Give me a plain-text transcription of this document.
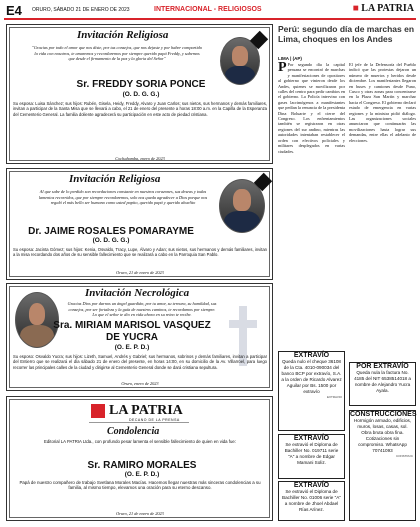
E4 ORURO, SÁBADO 21 DE ENERO DE 2023	INTERNACIONAL - RELIGIOSOS	■ LA PATRIA
Invitación Religiosa
"Gracias por todo el amor que nos diste, por tus consejos, que nos dejaste y por haber compartido la vida con nosotros, te amaremos y recordaremos por siempre querido papá Freddy, y sabemos que desde el firmamento de la paz y la gloria del Señor"
Sr. FREDDY SORIA PONCE
(O. D. G. G.)
Su esposa: Luisa Sánchez; sus hijos: Rubén, Gisela, Heidy, Freddy, Alvaro y Juan Carlos; sus nietos, sus hermanos y demás familiares, invitan a participar de la Santa Misa que se llevará a cabo, el 21 de enero del presente a horas 18:00 a.m. en la Capilla de la Esperanza del Cementerio General. La familia doliente agradecerá su participación en este acto de piedad cristiana.
Cochabamba, enero de 2023
Invitación Religiosa
Al que sabe de lo perdido son recordaciones constante en nuestros corazones, sus deseas y todas lamentos recorridos, que por siempre recordaremos, solo nos queda agradecer a Dios porque nos regaló el más bello ser humano como usted papito, querido papá y querido abuelito
Dr. JAIME ROSALES POMARAYME
(O. D. G. G.)
Su esposa: Jacinta Gómez; sus hijos: Kenia, Osvaldo, Tracy, Lupe, Álvaro y Adan; sus nietos, sus hermanos y demás familiares, invitan a la misa recordando dos años de su sensible fallecimiento que se realizará a cabo en la Parroquia San Pablo.
Oruro, 21 de enero de 2023
Invitación Necrológica
Gracias Dios por darnos un ángel guardián, por tu amor, su ternura, su humildad, sus consejos, por ser fortaleza y la guía de nuestros caminos, te recordamos por siempre. Lo que el señor te dio en vida ahora en su reino te recibe.
Sra. MIRIAM MARISOL VASQUEZ DE YUCRA
(O. E. P. D.)
Su esposo: Osvaldo Yucra; sus hijos: Lizeth, Samuel, Andrés y Gabriel; sus hermanos, sobrinos y demás familiares, invitan a participar del Entierro que se realizará el día sábado 21 de enero del presente, en horas 14:00, en su domicilio de la Av. Villarroel, para luego recorrer las principales calles de la ciudad y dirigirse al Cementerio General donde se dará cristiana sepultura.
Oruro, enero de 2023
LA PATRIA
DECANO DE LA PRENSA
Condolencia
Editorial LA PATRIA Ltda., con profundo pesar lamenta el sensible fallecimiento de quien en vida fue:
Sr. RAMIRO MORALES
(O. E. P. D.)
Papá de nuestro compañero de trabajo Svetlana Morales Macías. Hacemos llegar nuestras más sinceras condolencias a su familia, al mismo tiempo, elevamos una oración para su eterno descanso.
Oruro, 21 de enero de 2023
Perú: segundo día de marchas en Lima, choques en los Andes
LIMA | (AP)
P Por segundo día la capital peruana se encontró de marchas y manifestaciones de opositores al gobierno que vinieron desde los Andes, quienes se movilizaron por calles del centro para pedir cambios en el gobierno. La Policía intervino con gases lacrimógenos a manifestantes que pedían la renuncia de la presidenta Dina Boluarte y el cierre del Congreso. Los enfrentamientos también se registraron en otras regiones del sur andino, mientras las autoridades intentaban restablecer el orden con efectivos policiales y militares desplegados en varias ciudades.
El jefe de la Defensoría del Pueblo indicó que las protestas dejaron un número de muertos y heridos desde diciembre. Los manifestantes llegaron en buses y camiones desde Puno, Cusco y otras zonas para concentrarse en la Plaza San Martín y marchar hacia el Congreso. El gobierno declaró estado de emergencia en varias regiones y la ministra pidió diálogo. Las organizaciones sociales anunciaron que continuarán las movilizaciones hasta lograr sus demandas, entre ellas el adelanto de elecciones.
EXTRAVÍO
Queda nulo el cheque 36108 de la Cta. 4010-090034 del banco BCP por extravío, S.A. a la orden de Ricardo Alvarez Aguilar por Bs. 1500 por extravío
EXTRAVIO
EXTRAVÍO
Se extravió el Diploma de Bachiller No. 019711 serie "A" a nombre de Edgar Mamani Soliz.
EXTRAVÍO
Se extravió el Diploma de Bachiller No. 01006 serie "A" a nombre de Jhoel Abdael Rías Arínez.
POR EXTRAVÍO
Queda nula la factura No. 4185 del NIT 6538514018 a nombre de Alejandro Yucra Ayala.
CONSTRUCCIONES
Hormigón armado, edificios, muros, losas, casas, sol. Obra bruta obra fina. Cotizaciones sin compromiso. WhatsApp 70741093
CONSTRUC
